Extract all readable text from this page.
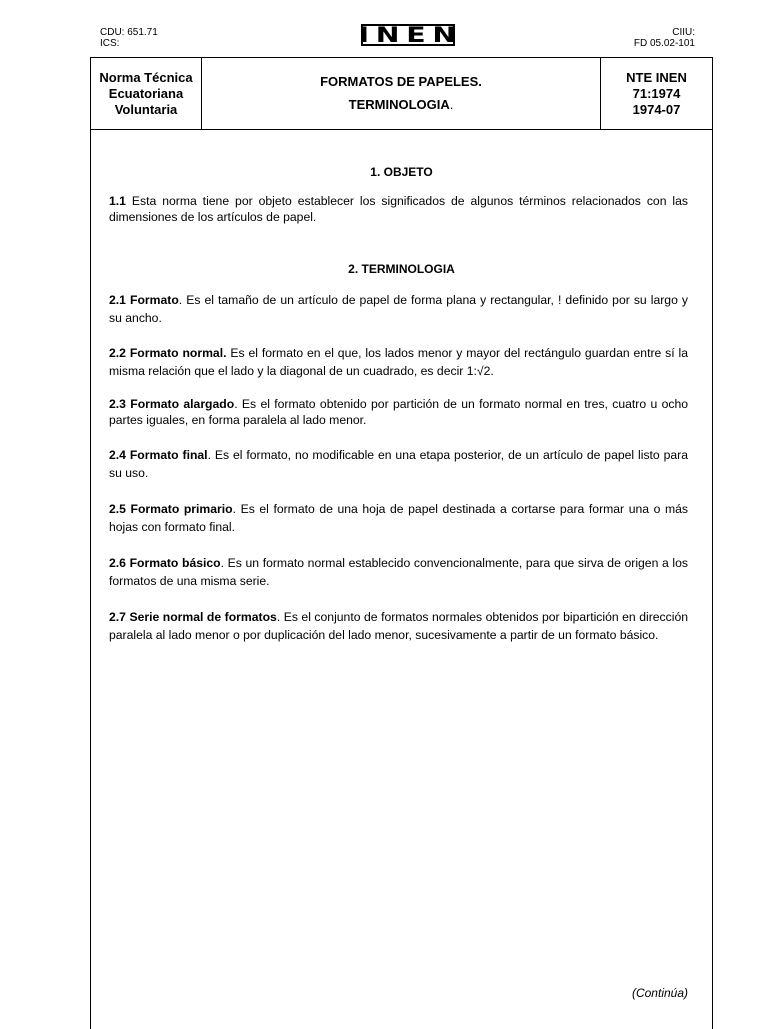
CDU: 651.71
ICS:	INEN	CIIU:
FD 05.02-101
Norma Técnica
Ecuatoriana
Voluntaria
FORMATOS DE PAPELES.
TERMINOLOGIA.
NTE INEN
71:1974
1974-07
1. OBJETO
1.1 Esta norma tiene por objeto establecer los significados de algunos términos relacionados con las dimensiones de los artículos de papel.
2. TERMINOLOGIA
2.1 Formato. Es el tamaño de un artículo de papel de forma plana y rectangular, ! definido por su largo y su ancho.
2.2 Formato normal. Es el formato en el que, los lados menor y mayor del rectángulo guardan entre sí la misma relación que el lado y la diagonal de un cuadrado, es decir 1:√2.
2.3 Formato alargado. Es el formato obtenido por partición de un formato normal en tres, cuatro u ocho partes iguales, en forma paralela al lado menor.
2.4 Formato final. Es el formato, no modificable en una etapa posterior, de un artículo de papel listo para su uso.
2.5 Formato primario. Es el formato de una hoja de papel destinada a cortarse para formar una o más hojas con formato final.
2.6 Formato básico. Es un formato normal establecido convencionalmente, para que sirva de origen a los formatos de una misma serie.
2.7 Serie normal de formatos. Es el conjunto de formatos normales obtenidos por bipartición en dirección paralela al lado menor o por duplicación del lado menor, sucesivamente a partir de un formato básico.
(Continúa)
